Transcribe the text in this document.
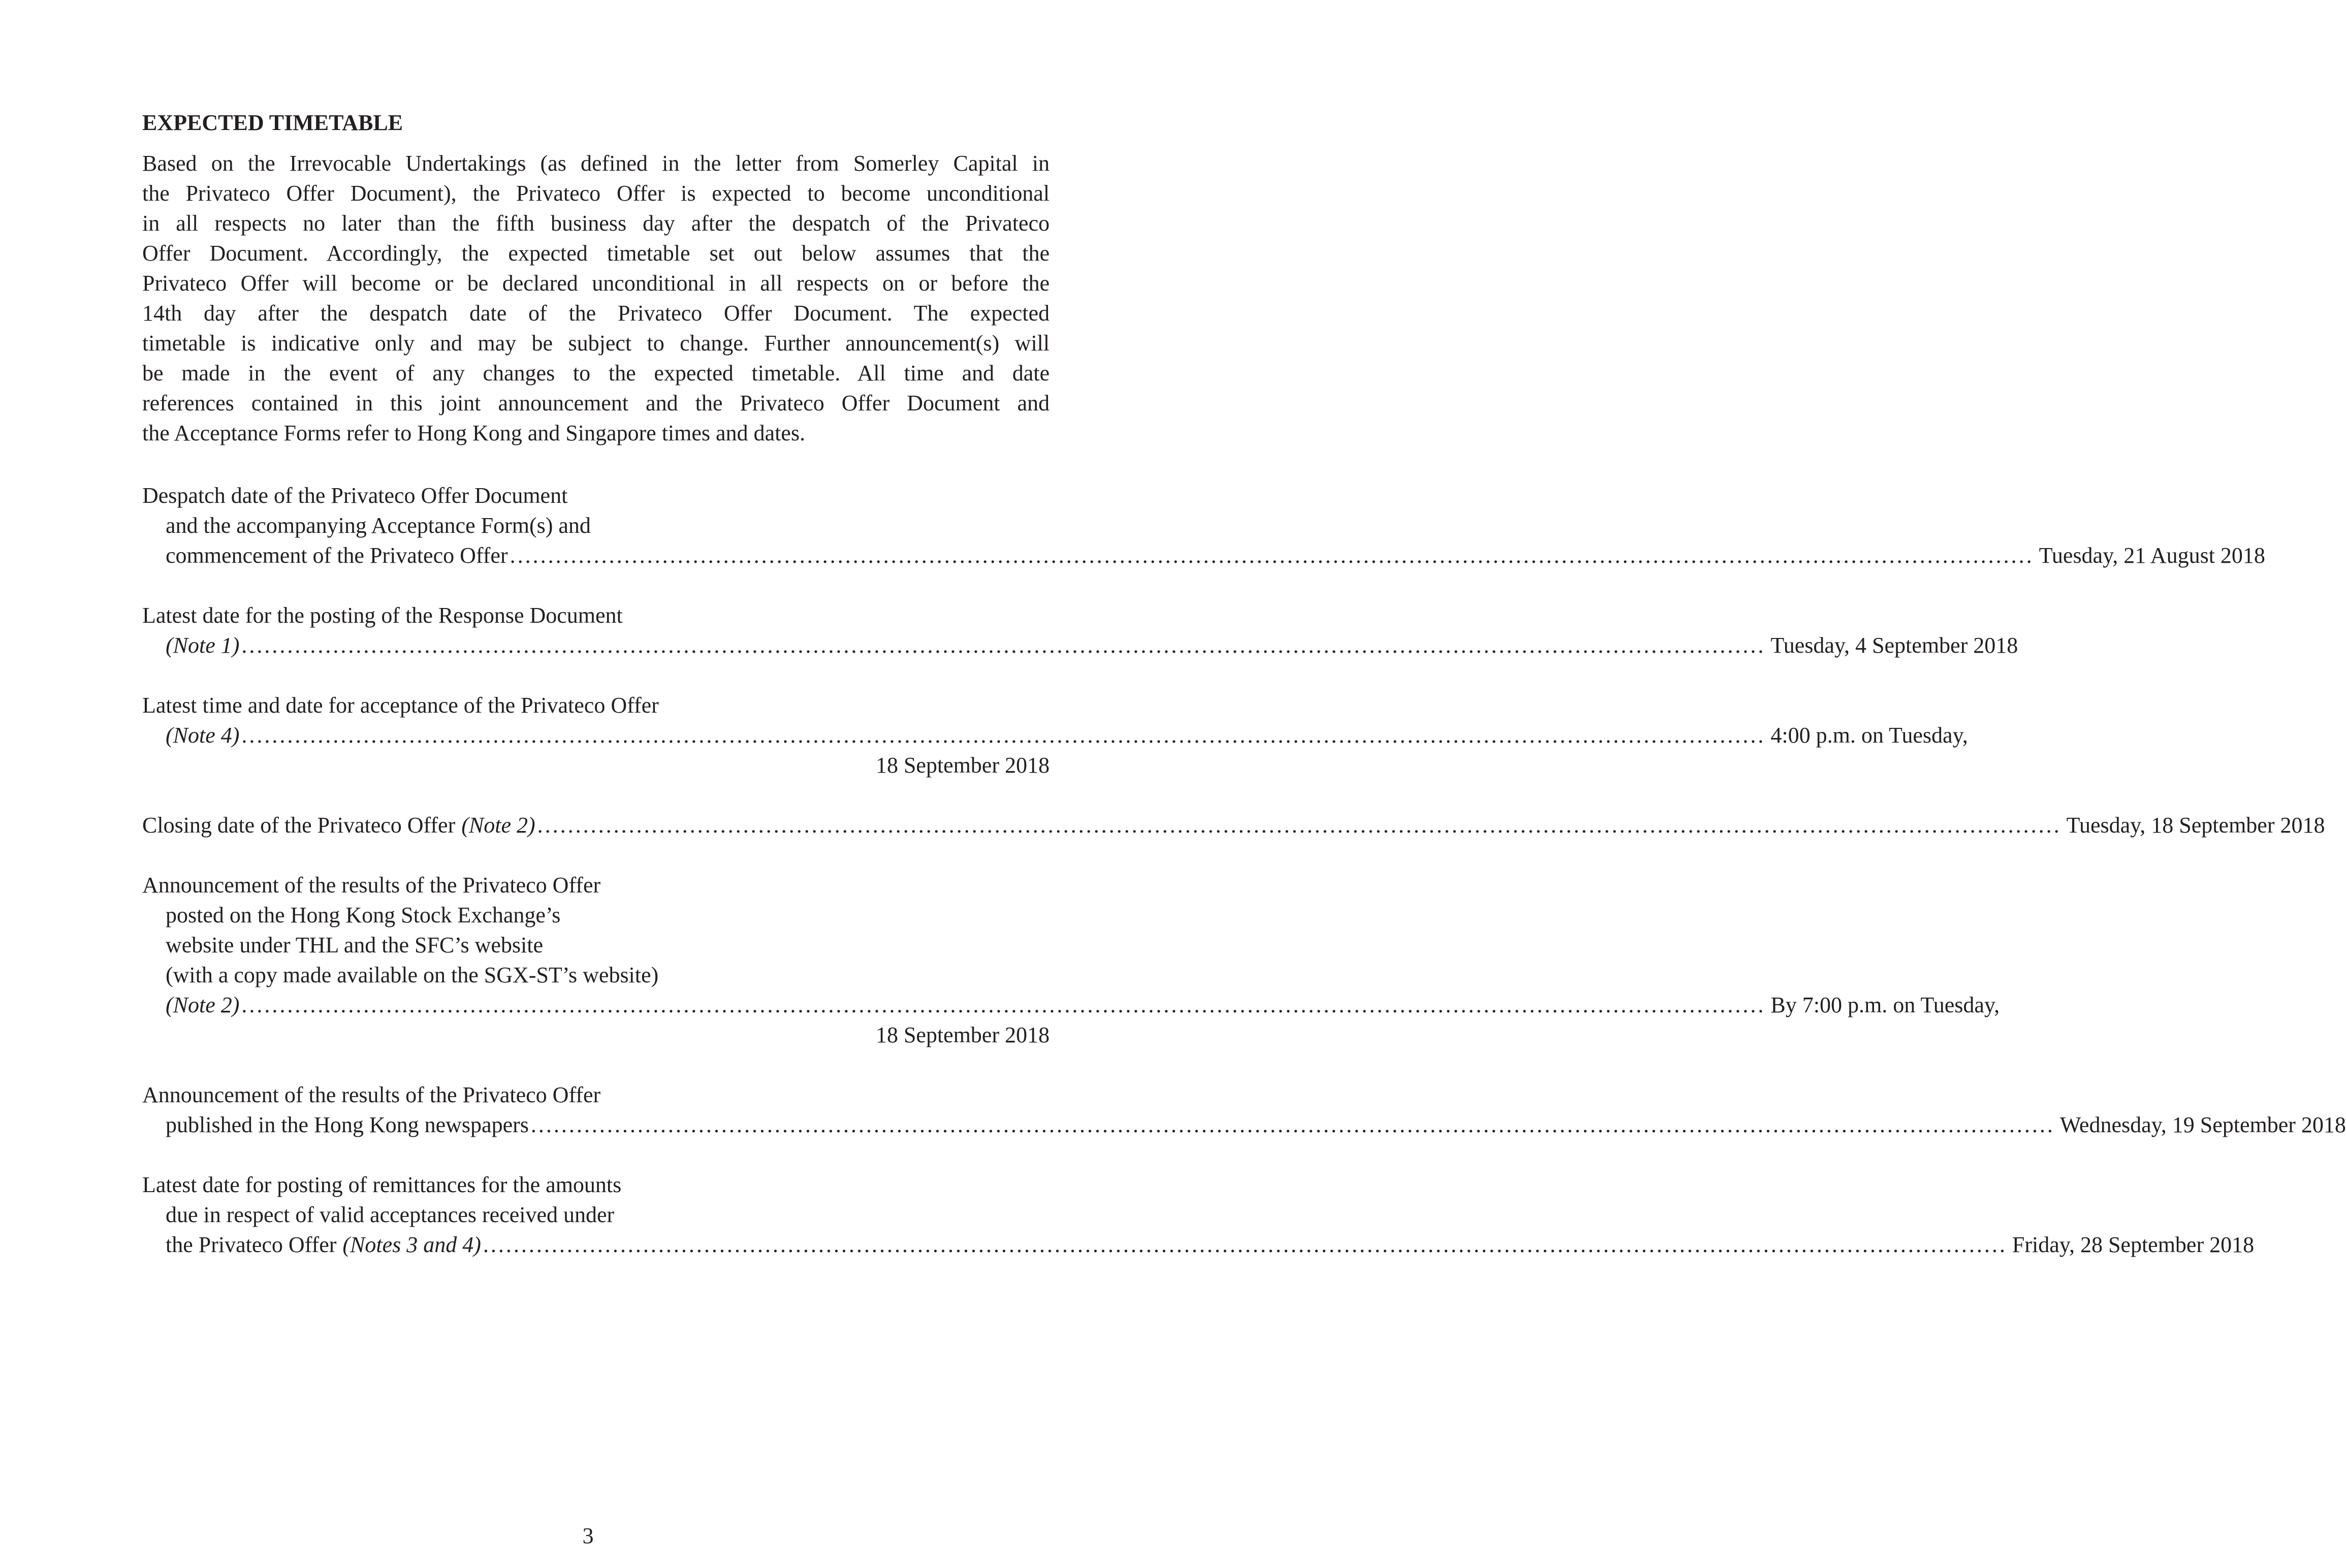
EXPECTED TIMETABLE
Based on the Irrevocable Undertakings (as defined in the letter from Somerley Capital in
the Privateco Offer Document), the Privateco Offer is expected to become unconditional
in all respects no later than the fifth business day after the despatch of the Privateco
Offer Document. Accordingly, the expected timetable set out below assumes that the
Privateco Offer will become or be declared unconditional in all respects on or before the
14th day after the despatch date of the Privateco Offer Document. The expected
timetable is indicative only and may be subject to change. Further announcement(s) will
be made in the event of any changes to the expected timetable. All time and date
references contained in this joint announcement and the Privateco Offer Document and
the Acceptance Forms refer to Hong Kong and Singapore times and dates.
Despatch date of the Privateco Offer Document
and the accompanying Acceptance Form(s) and
commencement of the Privateco Offer ........................................................................................................................................................................................................ Tuesday, 21 August 2018
Latest date for the posting of the Response Document
(Note 1) ........................................................................................................................................................................................................ Tuesday, 4 September 2018
Latest time and date for acceptance of the Privateco Offer
(Note 4) ........................................................................................................................................................................................................ 4:00 p.m. on Tuesday,
18 September 2018
Closing date of the Privateco Offer (Note 2) ........................................................................................................................................................................................................ Tuesday, 18 September 2018
Announcement of the results of the Privateco Offer
posted on the Hong Kong Stock Exchange’s
website under THL and the SFC’s website
(with a copy made available on the SGX-ST’s website)
(Note 2) ........................................................................................................................................................................................................ By 7:00 p.m. on Tuesday,
18 September 2018
Announcement of the results of the Privateco Offer
published in the Hong Kong newspapers ........................................................................................................................................................................................................ Wednesday, 19 September 2018
Latest date for posting of remittances for the amounts
due in respect of valid acceptances received under
the Privateco Offer (Notes 3 and 4) ........................................................................................................................................................................................................ Friday, 28 September 2018
3
